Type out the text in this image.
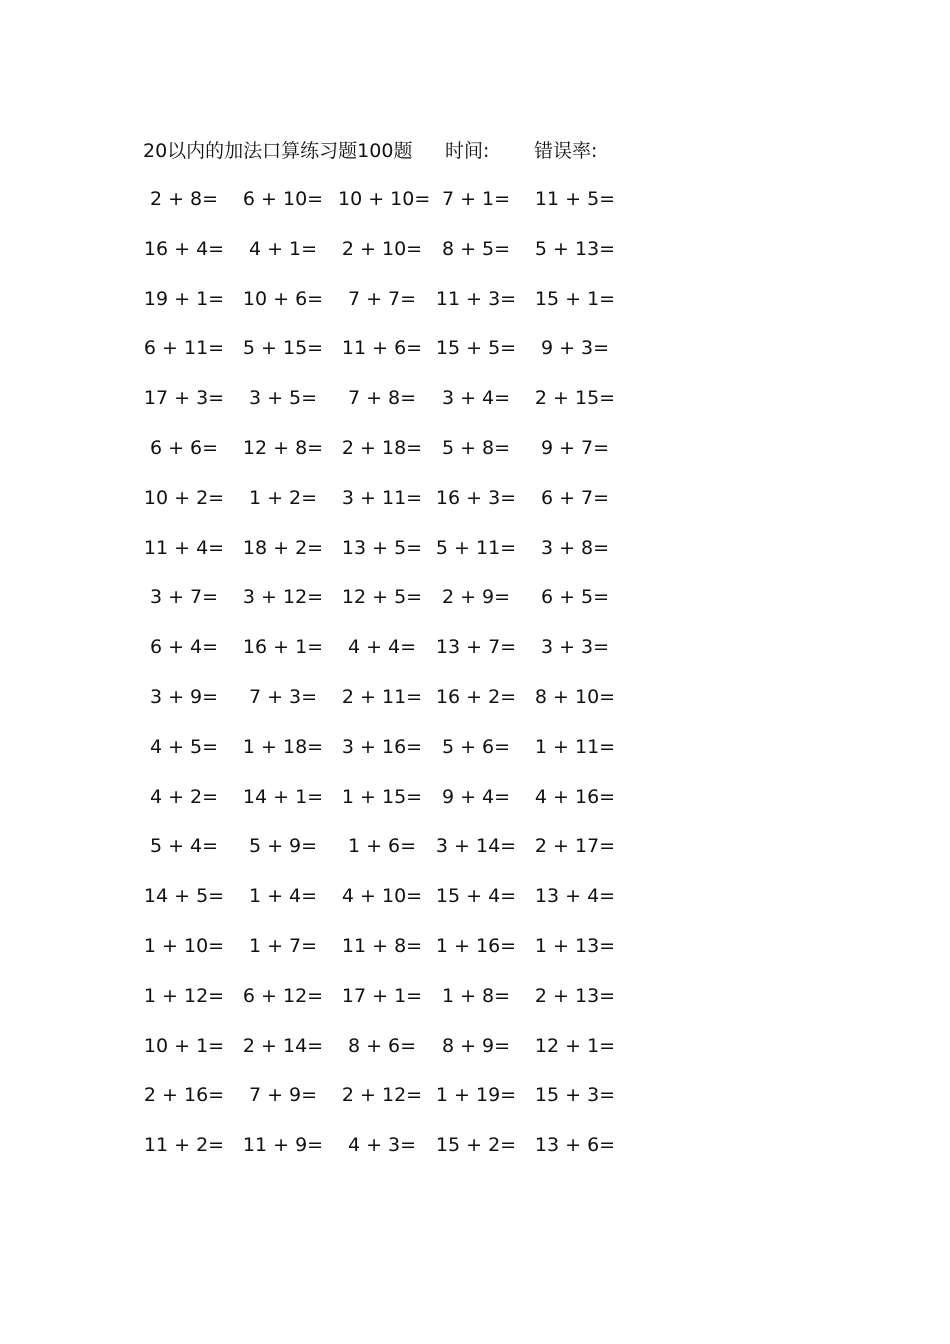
20以内的加法口算练习题100题 时间: 错误率:
2 + 8=	6 + 10= 10 + 10= 7 + 1=	11 + 5=
16 + 4=	4 + 1=	2 + 10=	8 + 5=	5 + 13=
19 + 1= 10 + 6=	7 + 7=	11 + 3= 15 + 1=
6 + 11= 5 + 15= 11 + 6= 15 + 5=	9 + 3=
17 + 3=	3 + 5=	7 + 8=	3 + 4=	2 + 15=
6 + 6=	12 + 8= 2 + 18=	5 + 8=	9 + 7=
10 + 2=	1 + 2=	3 + 11= 16 + 3=	6 + 7=
11 + 4= 18 + 2= 13 + 5= 5 + 11=	3 + 8=
3 + 7=	3 + 12= 12 + 5=	2 + 9=	6 + 5=
6 + 4=	16 + 1=	4 + 4=	13 + 7=	3 + 3=
3 + 9=	7 + 3=	2 + 11= 16 + 2= 8 + 10=
4 + 5=	1 + 18= 3 + 16=	5 + 6=	1 + 11=
4 + 2=	14 + 1= 1 + 15=	9 + 4=	4 + 16=
5 + 4=	5 + 9=	1 + 6=	3 + 14= 2 + 17=
14 + 5=	1 + 4=	4 + 10= 15 + 4= 13 + 4=
1 + 10=	1 + 7=	11 + 8= 1 + 16= 1 + 13=
1 + 12= 6 + 12= 17 + 1=	1 + 8=	2 + 13=
10 + 1= 2 + 14=	8 + 6=	8 + 9=	12 + 1=
2 + 16=	7 + 9=	2 + 12= 1 + 19= 15 + 3=
11 + 2= 11 + 9=	4 + 3=	15 + 2= 13 + 6=
